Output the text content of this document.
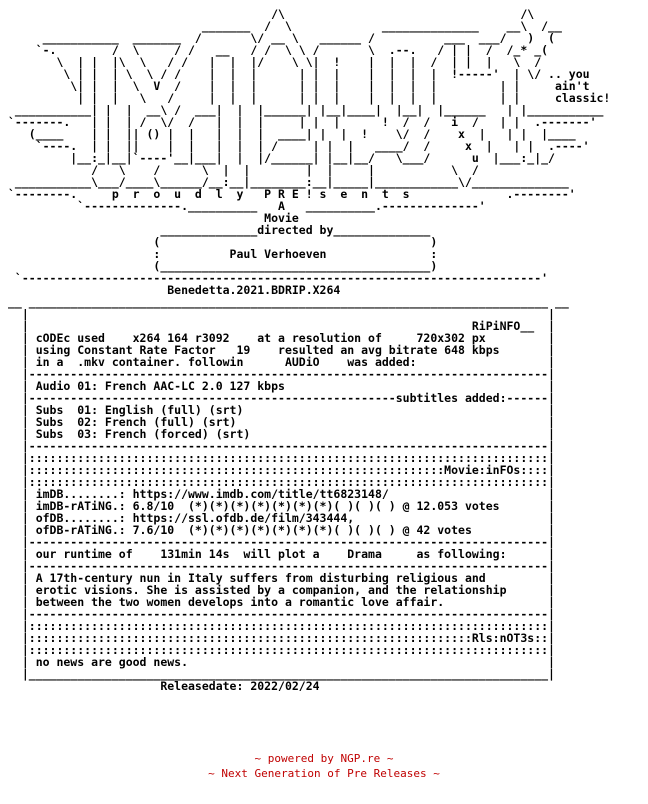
/\                                  /\
_______  /  \             ______________    __\  /__
___________  _______  /       \/ __ \   ______ /          ___  ___/   )  (
`-.        /  \     / /   __   / /  \ \ /       \  .--.   / | |  /  /_* _(
\  | |  |\  \   / /   |  |  |/    \ \|  !    |  |  |  /  | |  |   \  /
\ | |  | \  \ / /    |  |  |      | |  |    |  |  |  |  !-----'  | \/ .. you
\| |  |  \  V  /    |  |  |      | |  |    |  |  |  |         | |     ain't
| |  |   \   /     |  |  |      | |  |    |  |  |  |         | |     classic!
___________| |  |  __\ /  ___|  |  |______| |__|____|  |__|  |______   | |___________
`-------.   | |  | /  \/  /   |  |  |     | |  |      !  /  /   i  /   | |  .-------'
(____    | |  || () |  |   |  |  |  ____| |  |  !    \/  /    x  |   | |  |____
`----.  | |  ||    |  |   |  |  | /     | |  |   ____/  /     x  |   | |  .----'
|__:_|__|`----'__|___|  |  |/______| |__|__/   \___/      u  |___:_|_/
/   \    /      \  |  |        |  |     |           \  /
___________\___/____\______/__:__|________:__|_____|____________\/______________
`--------.     p  r  o  u  d  l  y   P R E ! s  e  n  t  s              .--------'
`--------------.__________   A   __________.--------------'
Movie
______________directed by______________
(                                       )
:          Paul Verhoeven               :
(_______________________________________)
`---------------------------------------------------------------------------'
Benedetta.2021.BDRIP.X264
__ ___________________________________________________________________________ __
|                                                                           |
|                                                                RiPiNFO__  |
| cODEc used    x264 164 r3092    at a resolution of     720x302 px         |
| using Constant Rate Factor   19    resulted an avg bitrate 648 kbps       |
| in a  .mkv container. followin      AUDiO    was added:                   |
|---------------------------------------------------------------------------|
| Audio 01: French AAC-LC 2.0 127 kbps                                      |
|-----------------------------------------------------subtitles added:------|
| Subs  01: English (full) (srt)                                            |
| Subs  02: French (full) (srt)                                             |
| Subs  03: French (forced) (srt)                                           |
|---------------------------------------------------------------------------|
|:::::::::::::::::::::::::::::::::::::::::::::::::::::::::::::::::::::::::::|
|::::::::::::::::::::::::::::::::::::::::::::::::::::::::::::Movie:inFOs::::|
|:::::::::::::::::::::::::::::::::::::::::::::::::::::::::::::::::::::::::::|
| imDB........: https://www.imdb.com/title/tt6823148/                       |
| imDB-rATiNG.: 6.8/10  (*)(*)(*)(*)(*)(*)(*)( )( )( ) @ 12.053 votes       |
| ofDB........: https://ssl.ofdb.de/film/343444,                            |
| ofDB-rATiNG.: 7.6/10  (*)(*)(*)(*)(*)(*)(*)( )( )( ) @ 42 votes           |
|---------------------------------------------------------------------------|
| our runtime of    131min 14s  will plot a    Drama     as following:      |
|---------------------------------------------------------------------------|
| A 17th-century nun in Italy suffers from disturbing religious and         |
| erotic visions. She is assisted by a companion, and the relationship      |
| between the two women develops into a romantic love affair.               |
|---------------------------------------------------------------------------|
|:::::::::::::::::::::::::::::::::::::::::::::::::::::::::::::::::::::::::::|
|::::::::::::::::::::::::::::::::::::::::::::::::::::::::::::::::Rls:nOT3s::|
|:::::::::::::::::::::::::::::::::::::::::::::::::::::::::::::::::::::::::::|
| no news are good news.                                                    |
|___________________________________________________________________________|
Releasedate: 2022/02/24
~ powered by NGP.re ~
~ Next Generation of Pre Releases ~
